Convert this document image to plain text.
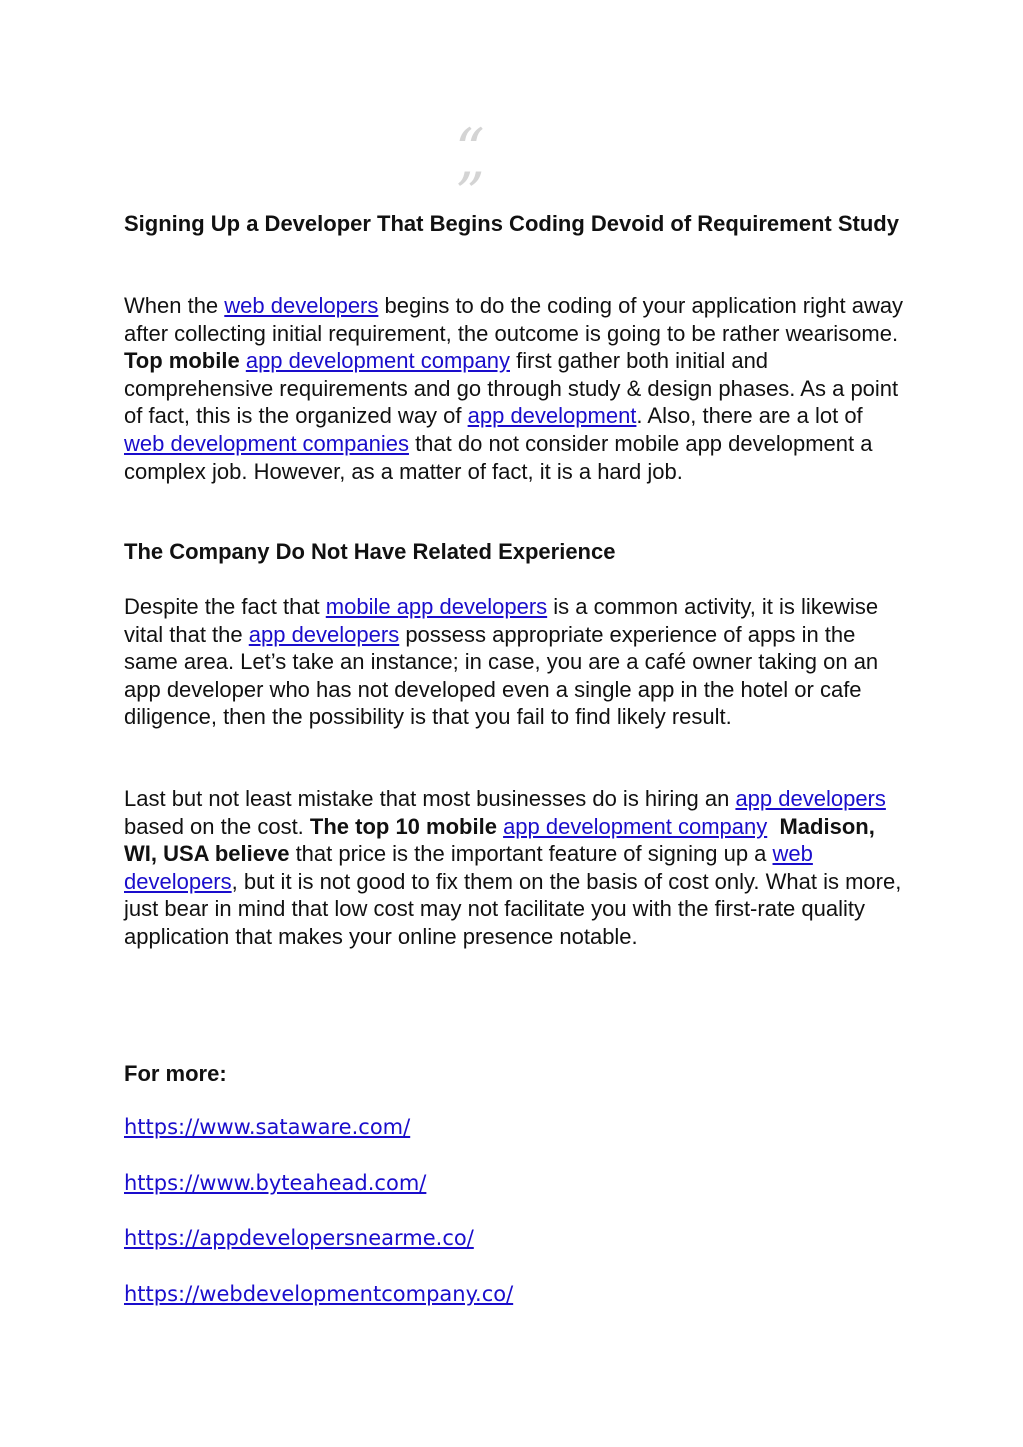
“ ”
Signing Up a Developer That Begins Coding Devoid of Requirement Study

When the web developers begins to do the coding of your application right away after collecting initial requirement, the outcome is going to be rather wearisome. Top mobile app development company first gather both initial and comprehensive requirements and go through study & design phases. As a point of fact, this is the organized way of app development. Also, there are a lot of web development companies that do not consider mobile app development a complex job. However, as a matter of fact, it is a hard job.

The Company Do Not Have Related Experience

Despite the fact that mobile app developers is a common activity, it is likewise vital that the app developers possess appropriate experience of apps in the same area. Let’s take an instance; in case, you are a café owner taking on an app developer who has not developed even a single app in the hotel or cafe diligence, then the possibility is that you fail to find likely result.

Last but not least mistake that most businesses do is hiring an app developers based on the cost. The top 10 mobile app development company Madison, WI, USA believe that price is the important feature of signing up a web developers, but it is not good to fix them on the basis of cost only. What is more, just bear in mind that low cost may not facilitate you with the first-rate quality application that makes your online presence notable.

For more:
https://www.sataware.com/
https://www.byteahead.com/
https://appdevelopersnearme.co/
https://webdevelopmentcompany.co/
